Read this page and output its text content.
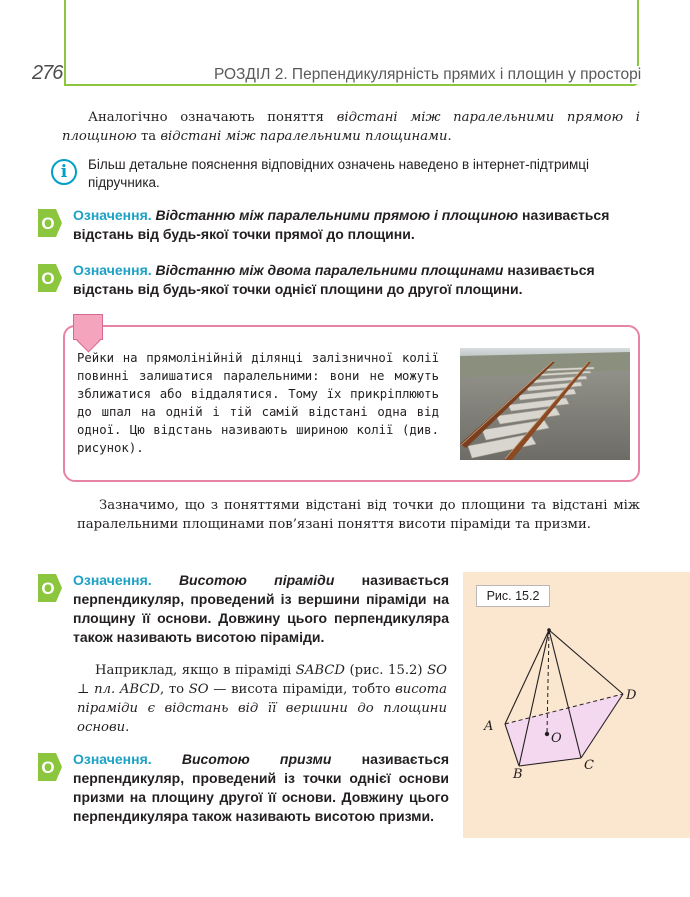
276	РОЗДІЛ 2. Перпендикулярність прямих і площин у просторі
Аналогічно означають поняття відстані між паралельними прямою і площиною та відстані між паралельними площинами.
i	Більш детальне пояснення відповідних означень наведено в інтернет-підтримці підручника.
О Означення. Відстанню між паралельними прямою і площиною називається відстань від будь-якої точки прямої до площини.
О Означення. Відстанню між двома паралельними площинами називається відстань від будь-якої точки однієї площини до другої площини.
Рейки на прямолінійній ділянці залізничної колії повинні залишатися паралельними: вони не можуть зближатися або віддалятися. Тому їх прикріплюють до шпал на одній і тій самій відстані одна від одної. Цю відстань називають шириною колії (див. рисунок).
Зазначимо, що з поняттями відстані від точки до площини та відстані між паралельними площинами пов’язані поняття висоти піраміди та призми.
О Означення. Висотою піраміди називається перпендикуляр, проведений із вершини піраміди на площину її основи. Довжину цього перпендикуляра також називають висотою піраміди.
Наприклад, якщо в піраміді SABCD (рис. 15.2) SO ⊥ пл. ABCD, то SO — висота піраміди, тобто висота піраміди є відстань від її вершини до площини основи.
О Означення. Висотою призми називається перпендикуляр, проведений із точки однієї основи призми на площину другої її основи. Довжину цього перпендикуляра також називають висотою призми.
Рис. 15.2
A
B
C
D
O
